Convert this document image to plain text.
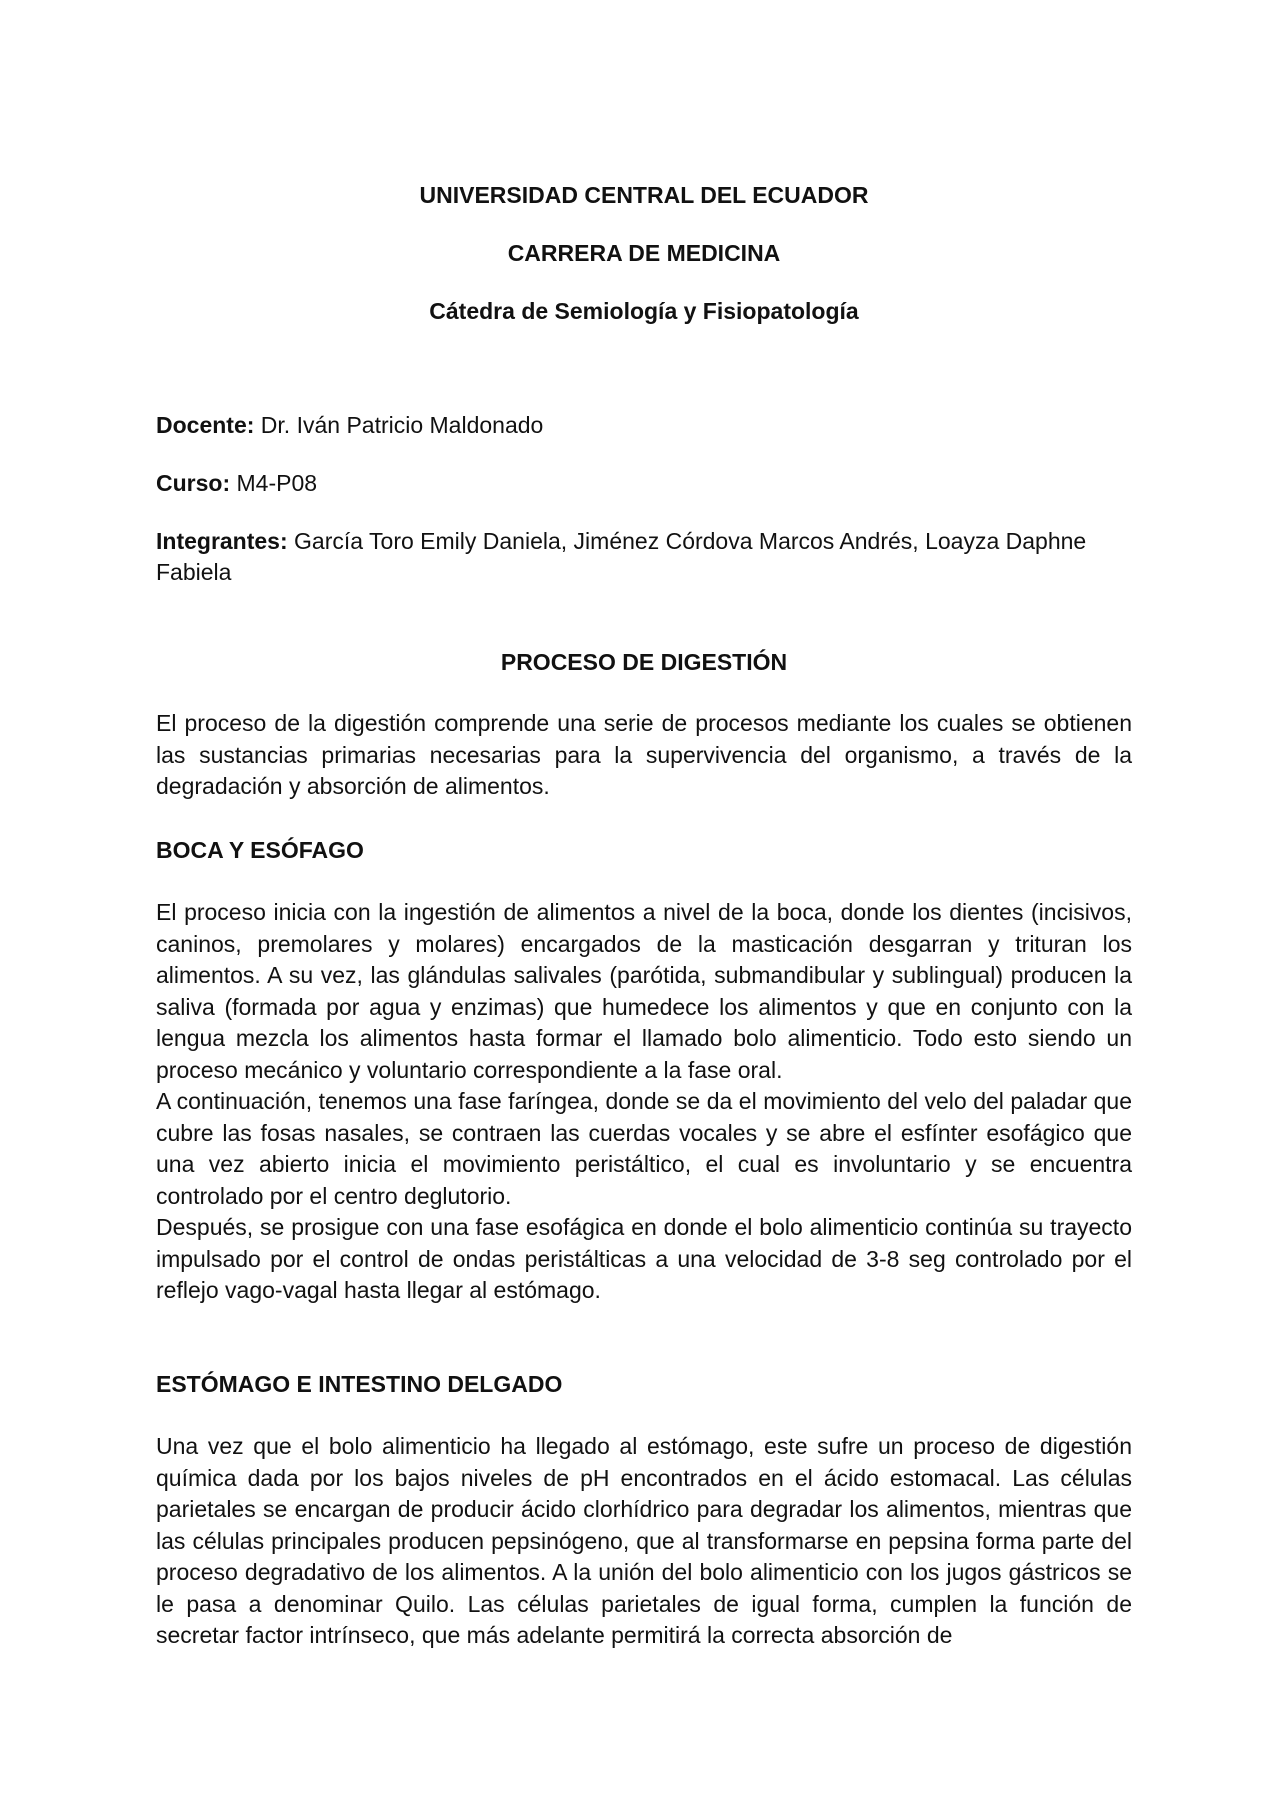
UNIVERSIDAD CENTRAL DEL ECUADOR
CARRERA DE MEDICINA
Cátedra de Semiología y Fisiopatología
Docente: Dr. Iván Patricio Maldonado
Curso: M4-P08
Integrantes: García Toro Emily Daniela, Jiménez Córdova Marcos Andrés, Loayza Daphne Fabiela
PROCESO DE DIGESTIÓN

El proceso de la digestión comprende una serie de procesos mediante los cuales se obtienen las sustancias primarias necesarias para la supervivencia del organismo, a través de la degradación y absorción de alimentos.

BOCA Y ESÓFAGO

El proceso inicia con la ingestión de alimentos a nivel de la boca, donde los dientes (incisivos, caninos, premolares y molares) encargados de la masticación desgarran y trituran los alimentos. A su vez, las glándulas salivales (parótida, submandibular y sublingual) producen la saliva (formada por agua y enzimas) que humedece los alimentos y que en conjunto con la lengua mezcla los alimentos hasta formar el llamado bolo alimenticio. Todo esto siendo un proceso mecánico y voluntario correspondiente a la fase oral.

A continuación, tenemos una fase faríngea, donde se da el movimiento del velo del paladar que cubre las fosas nasales, se contraen las cuerdas vocales y se abre el esfínter esofágico que una vez abierto inicia el movimiento peristáltico, el cual es involuntario y se encuentra controlado por el centro deglutorio.

Después, se prosigue con una fase esofágica en donde el bolo alimenticio continúa su trayecto impulsado por el control de ondas peristálticas a una velocidad de 3-8 seg controlado por el reflejo vago-vagal hasta llegar al estómago.

ESTÓMAGO E INTESTINO DELGADO

Una vez que el bolo alimenticio ha llegado al estómago, este sufre un proceso de digestión química dada por los bajos niveles de pH encontrados en el ácido estomacal. Las células parietales se encargan de producir ácido clorhídrico para degradar los alimentos, mientras que las células principales producen pepsinógeno, que al transformarse en pepsina forma parte del proceso degradativo de los alimentos. A la unión del bolo alimenticio con los jugos gástricos se le pasa a denominar Quilo. Las células parietales de igual forma, cumplen la función de secretar factor intrínseco, que más adelante permitirá la correcta absorción de
